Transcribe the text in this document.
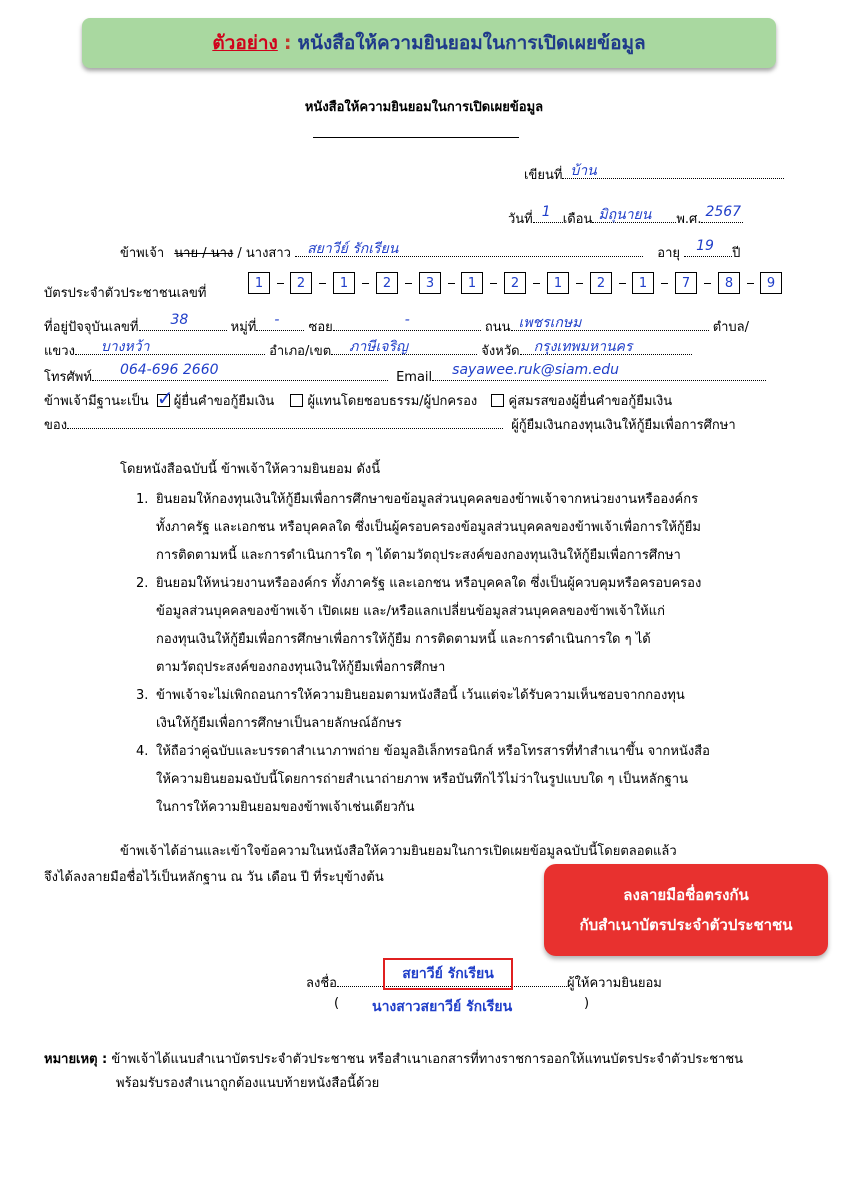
ตัวอย่าง : หนังสือให้ความยินยอมในการเปิดเผยข้อมูล
หนังสือให้ความยินยอมในการเปิดเผยข้อมูล
เขียนที่ บ้าน
วันที่ 1 เดือน มิถุนายน พ.ศ. 2567
ข้าพเจ้า นาย / นาง / นางสาว สยาวีย์ รักเรียน	อายุ 19 ปี
บัตรประจำตัวประชาชนเลขที่
1	2	1	2	3	1	2	1	2	1	7	8	9
ที่อยู่ปัจจุบันเลขที่ 38	หมู่ที่ - ซอย	-	ถนน เพชรเกษม	ตำบล/
แขวง บางหว้า	อำเภอ/เขต ภาษีเจริญ	จังหวัด กรุงเทพมหานคร
โทรศัพท์ 064-696 2660	Email sayawee.ruk@siam.edu
ข้าพเจ้ามีฐานะเป็น ✓ ผู้ยื่นคำขอกู้ยืมเงิน	ผู้แทนโดยชอบธรรม/ผู้ปกครอง คู่สมรสของผู้ยื่นคำขอกู้ยืมเงิน
ของ	ผู้กู้ยืมเงินกองทุนเงินให้กู้ยืมเพื่อการศึกษา
โดยหนังสือฉบับนี้ ข้าพเจ้าให้ความยินยอม ดังนี้
1. ยินยอมให้กองทุนเงินให้กู้ยืมเพื่อการศึกษาขอข้อมูลส่วนบุคคลของข้าพเจ้าจากหน่วยงานหรือองค์กร
ทั้งภาครัฐ และเอกชน หรือบุคคลใด ซึ่งเป็นผู้ครอบครองข้อมูลส่วนบุคคลของข้าพเจ้าเพื่อการให้กู้ยืม
การติดตามหนี้ และการดำเนินการใด ๆ ได้ตามวัตถุประสงค์ของกองทุนเงินให้กู้ยืมเพื่อการศึกษา
2. ยินยอมให้หน่วยงานหรือองค์กร ทั้งภาครัฐ และเอกชน หรือบุคคลใด ซึ่งเป็นผู้ควบคุมหรือครอบครอง
ข้อมูลส่วนบุคคลของข้าพเจ้า เปิดเผย และ/หรือแลกเปลี่ยนข้อมูลส่วนบุคคลของข้าพเจ้าให้แก่
กองทุนเงินให้กู้ยืมเพื่อการศึกษาเพื่อการให้กู้ยืม การติดตามหนี้ และการดำเนินการใด ๆ ได้
ตามวัตถุประสงค์ของกองทุนเงินให้กู้ยืมเพื่อการศึกษา
3. ข้าพเจ้าจะไม่เพิกถอนการให้ความยินยอมตามหนังสือนี้ เว้นแต่จะได้รับความเห็นชอบจากกองทุน
เงินให้กู้ยืมเพื่อการศึกษาเป็นลายลักษณ์อักษร
4. ให้ถือว่าคู่ฉบับและบรรดาสำเนาภาพถ่าย ข้อมูลอิเล็กทรอนิกส์ หรือโทรสารที่ทำสำเนาขึ้น จากหนังสือ
ให้ความยินยอมฉบับนี้โดยการถ่ายสำเนาถ่ายภาพ หรือบันทึกไว้ไม่ว่าในรูปแบบใด ๆ เป็นหลักฐาน
ในการให้ความยินยอมของข้าพเจ้าเช่นเดียวกัน
ข้าพเจ้าได้อ่านและเข้าใจข้อความในหนังสือให้ความยินยอมในการเปิดเผยข้อมูลฉบับนี้โดยตลอดแล้ว
จึงได้ลงลายมือชื่อไว้เป็นหลักฐาน ณ วัน เดือน ปี ที่ระบุข้างต้น
ลงลายมือชื่อตรงกัน
กับสำเนาบัตรประจำตัวประชาชน
ลงชื่อ	ผู้ให้ความยินยอม
สยาวีย์ รักเรียน
( นางสาวสยาวีย์ รักเรียน	)
หมายเหตุ : ข้าพเจ้าได้แนบสำเนาบัตรประจำตัวประชาชน หรือสำเนาเอกสารที่ทางราชการออกให้แทนบัตรประจำตัวประชาชน
พร้อมรับรองสำเนาถูกต้องแนบท้ายหนังสือนี้ด้วย
